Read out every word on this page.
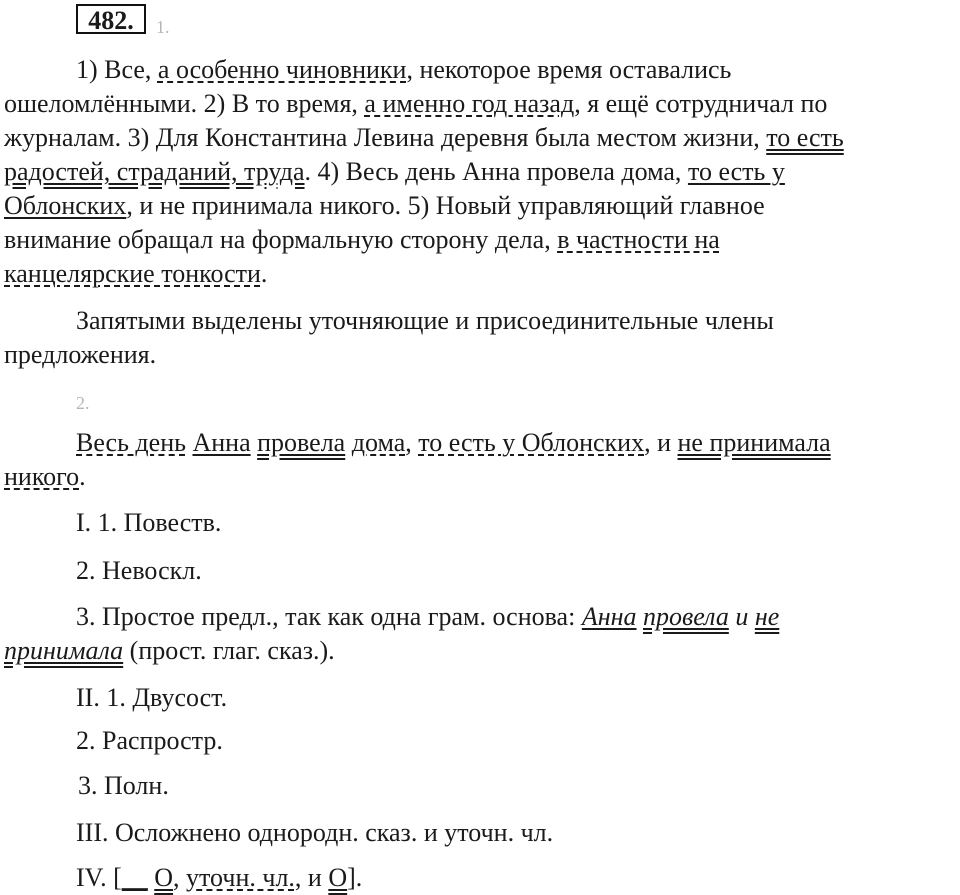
482.	1.
1) Все, а особенно чиновники, некоторое время оставались
ошеломлёнными. 2) В то время, а именно год назад, я ещё сотрудничал по
журналам. 3) Для Константина Левина деревня была местом жизни, то есть
радостей, страданий, труда. 4) Весь день Анна провела дома, то есть у
Облонских, и не принимала никого. 5) Новый управляющий главное
внимание обращал на формальную сторону дела, в частности на
канцелярские тонкости.
Запятыми выделены уточняющие и присоединительные члены
предложения.
2.
Весь день Анна провела дома, то есть у Облонских, и не принимала
никого.
I. 1. Повеств.
2. Невоскл.
3. Простое предл., так как одна грам. основа: Анна провела и не
принимала (прост. глаг. сказ.).
II. 1. Двусост.
2. Распростр.
3. Полн.
III. Осложнено однородн. сказ. и уточн. чл.
IV. [__ О, уточн. чл., и О].
